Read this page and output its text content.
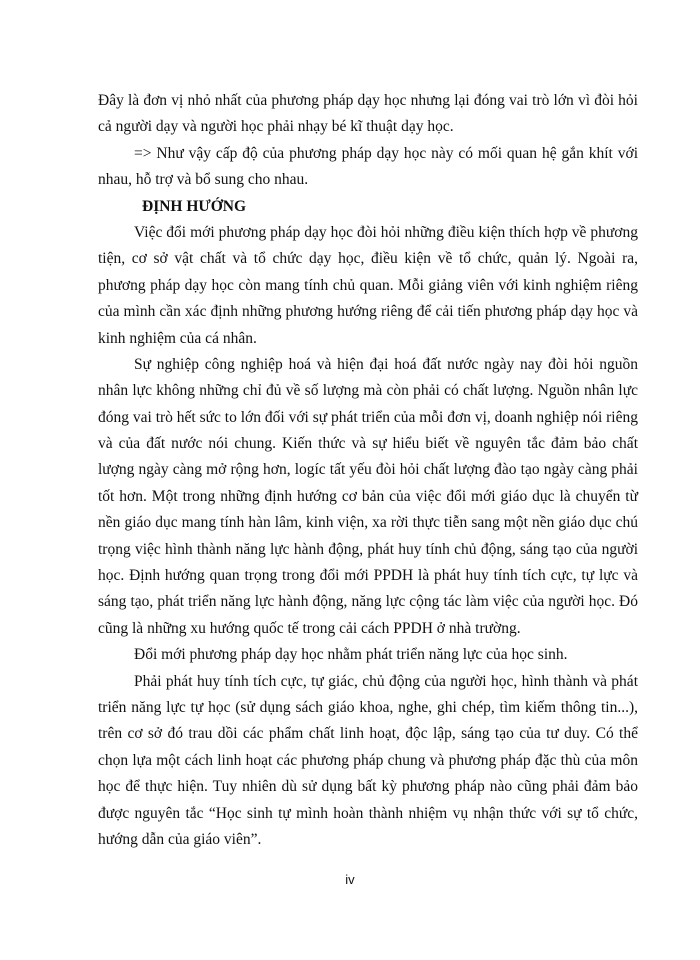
Đây là đơn vị nhỏ nhất của phương pháp dạy học nhưng lại đóng vai trò lớn vì đòi hỏi
cả người dạy và người học phải nhạy bé kĩ thuật dạy học.
=> Như vậy cấp độ của phương pháp dạy học này có mối quan hệ gắn khít với
nhau, hỗ trợ và bổ sung cho nhau.
ĐỊNH HƯỚNG
Việc đổi mới phương pháp dạy học đòi hỏi những điều kiện thích hợp về phương
tiện, cơ sở vật chất và tổ chức dạy học, điều kiện về tổ chức, quản lý. Ngoài ra,
phương pháp dạy học còn mang tính chủ quan. Mỗi giảng viên với kinh nghiệm riêng
của mình cần xác định những phương hướng riêng để cải tiến phương pháp dạy học và
kinh nghiệm của cá nhân.
Sự nghiệp công nghiệp hoá và hiện đại hoá đất nước ngày nay đòi hỏi nguồn
nhân lực không những chỉ đủ về số lượng mà còn phải có chất lượng. Nguồn nhân lực
đóng vai trò hết sức to lớn đối với sự phát triển của mỗi đơn vị, doanh nghiệp nói riêng
và của đất nước nói chung. Kiến thức và sự hiểu biết về nguyên tắc đảm bảo chất
lượng ngày càng mở rộng hơn, logíc tất yếu đòi hỏi chất lượng đào tạo ngày càng phải
tốt hơn. Một trong những định hướng cơ bản của việc đổi mới giáo dục là chuyển từ
nền giáo dục mang tính hàn lâm, kinh viện, xa rời thực tiễn sang một nền giáo dục chú
trọng việc hình thành năng lực hành động, phát huy tính chủ động, sáng tạo của người
học. Định hướng quan trọng trong đổi mới PPDH là phát huy tính tích cực, tự lực và
sáng tạo, phát triển năng lực hành động, năng lực cộng tác làm việc của người học. Đó
cũng là những xu hướng quốc tế trong cải cách PPDH ở nhà trường.
Đổi mới phương pháp dạy học nhằm phát triển năng lực của học sinh.
Phải phát huy tính tích cực, tự giác, chủ động của người học, hình thành và phát
triển năng lực tự học (sử dụng sách giáo khoa, nghe, ghi chép, tìm kiếm thông tin...),
trên cơ sở đó trau dồi các phẩm chất linh hoạt, độc lập, sáng tạo của tư duy. Có thể
chọn lựa một cách linh hoạt các phương pháp chung và phương pháp đặc thù của môn
học để thực hiện. Tuy nhiên dù sử dụng bất kỳ phương pháp nào cũng phải đảm bảo
được nguyên tắc “Học sinh tự mình hoàn thành nhiệm vụ nhận thức với sự tổ chức,
hướng dẫn của giáo viên”.
iv
